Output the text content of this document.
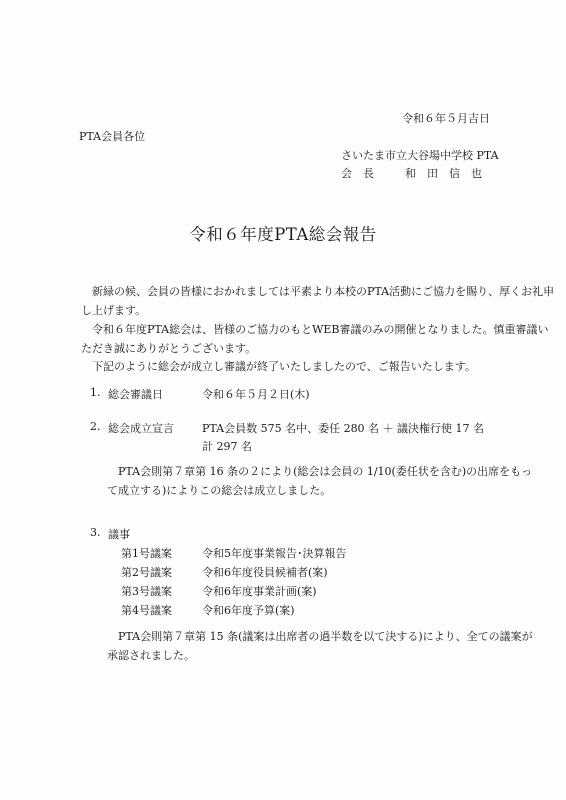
令和６年５月吉日
PTA会員各位
さいたま市立大谷場中学校 PTA
会　長	和　田　信　也
令和６年度PTA総会報告
新緑の候、会員の皆様におかれましては平素より本校のPTA活動にご協力を賜り、厚くお礼申
し上げます。
令和６年度PTA総会は、皆様のご協力のもとWEB審議のみの開催となりました。慎重審議い
ただき誠にありがとうございます。
下記のように総会が成立し審議が終了いたしましたので、ご報告いたします。
1. 総会審議日	令和６年５月２日(木)
2. 総会成立宣言	PTA会員数 575 名中、委任 280 名 ＋ 議決権行使 17 名
計 297 名
PTA会則第７章第 16 条の２により(総会は会員の 1/10(委任状を含む)の出席をもっ
て成立する)によりこの総会は成立しました。
3. 議事
第1号議案	令和5年度事業報告･決算報告
第2号議案	令和6年度役員候補者(案)
第3号議案	令和6年度事業計画(案)
第4号議案	令和6年度予算(案)
PTA会則第７章第 15 条(議案は出席者の過半数を以て決する)により、全ての議案が
承認されました。
